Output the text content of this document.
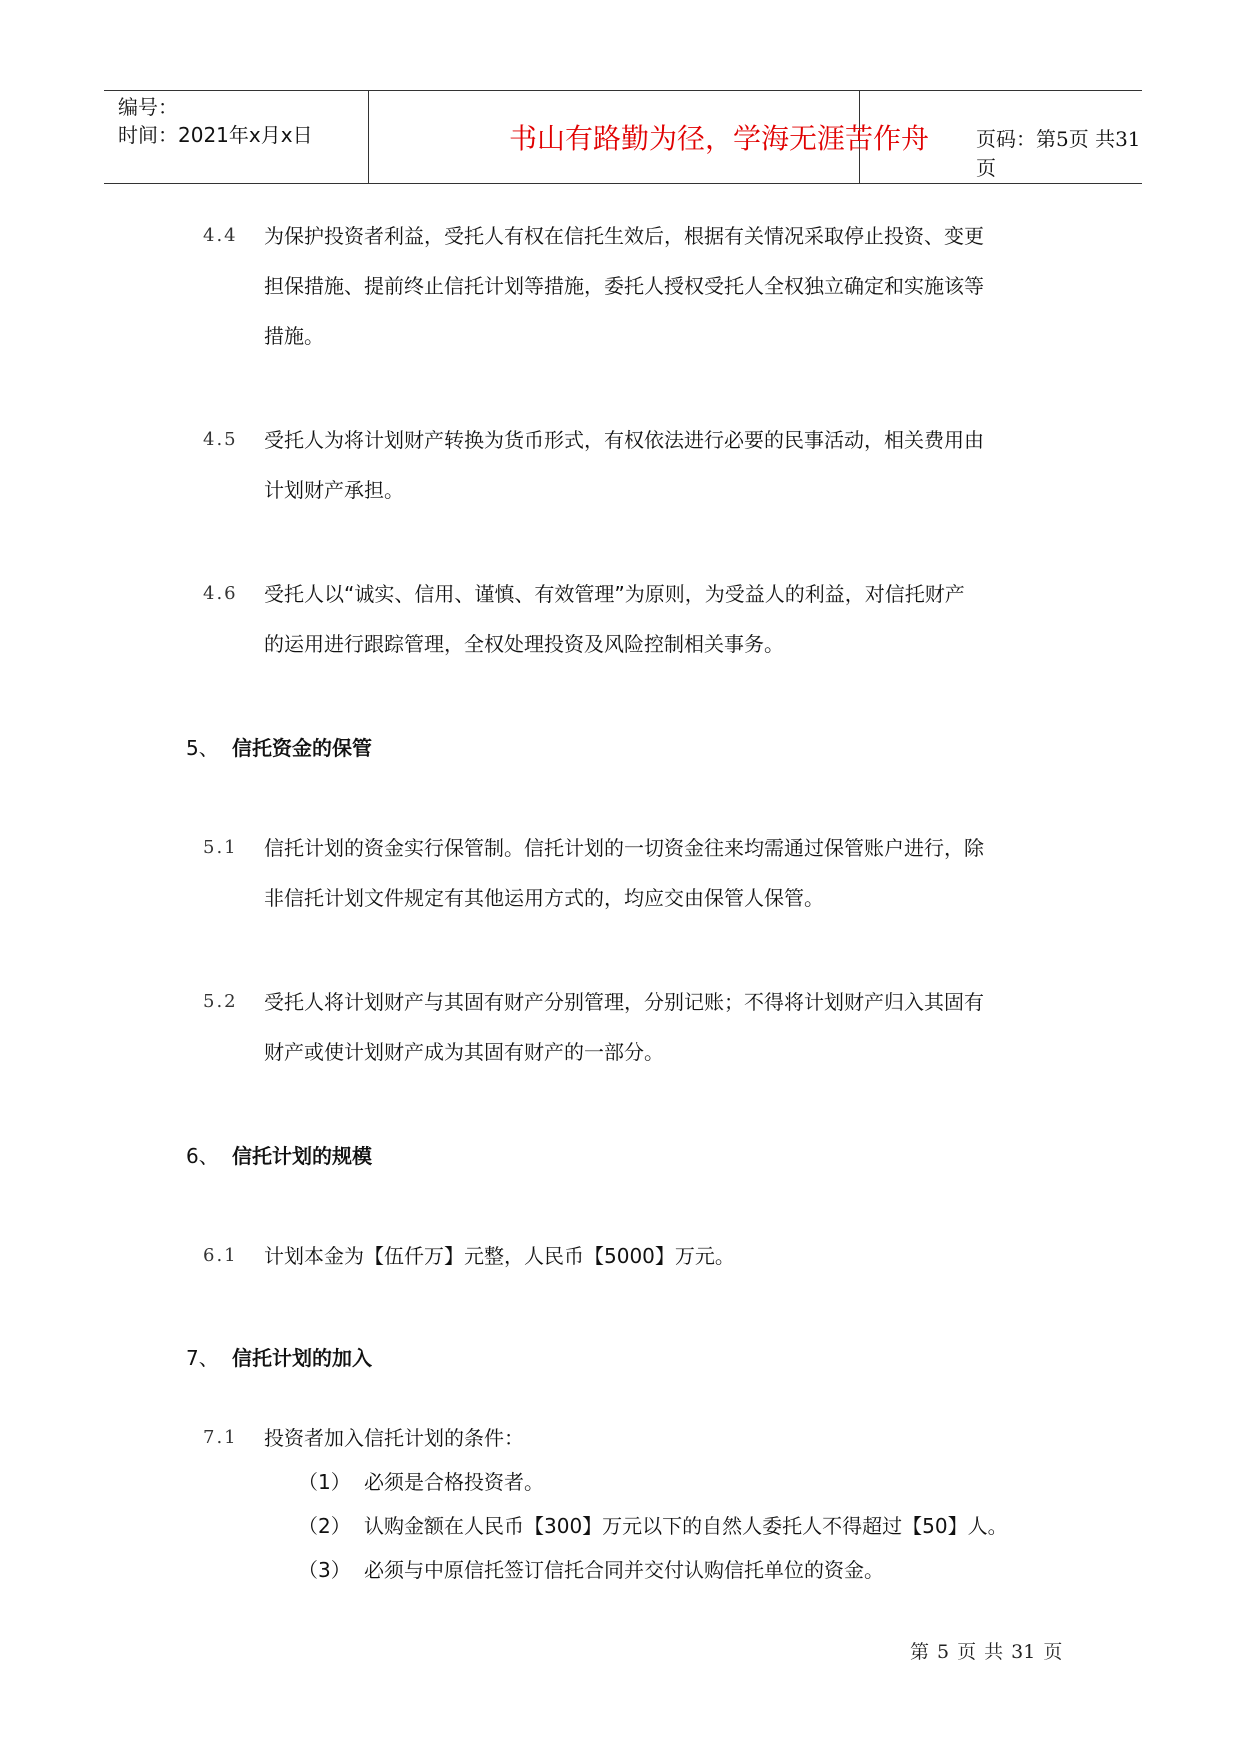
编号：
时间：2021年x月x日	书山有路勤为径，学海无涯苦作舟	页码：第5页 共31页
4.4 为保护投资者利益，受托人有权在信托生效后，根据有关情况采取停止投资、变更
担保措施、提前终止信托计划等措施，委托人授权受托人全权独立确定和实施该等
措施。
4.5 受托人为将计划财产转换为货币形式，有权依法进行必要的民事活动，相关费用由
计划财产承担。
4.6 受托人以“诚实、信用、谨慎、有效管理”为原则，为受益人的利益，对信托财产
的运用进行跟踪管理，全权处理投资及风险控制相关事务。
5、 信托资金的保管
5.1 信托计划的资金实行保管制。信托计划的一切资金往来均需通过保管账户进行，除
非信托计划文件规定有其他运用方式的，均应交由保管人保管。
5.2 受托人将计划财产与其固有财产分别管理，分别记账；不得将计划财产归入其固有
财产或使计划财产成为其固有财产的一部分。
6、 信托计划的规模
6.1 计划本金为【伍仟万】元整，人民币【5000】万元。
7、 信托计划的加入
7.1 投资者加入信托计划的条件：
（1） 必须是合格投资者。
（2） 认购金额在人民币【300】万元以下的自然人委托人不得超过【50】人。
（3） 必须与中原信托签订信托合同并交付认购信托单位的资金。
第 5 页 共 31 页
